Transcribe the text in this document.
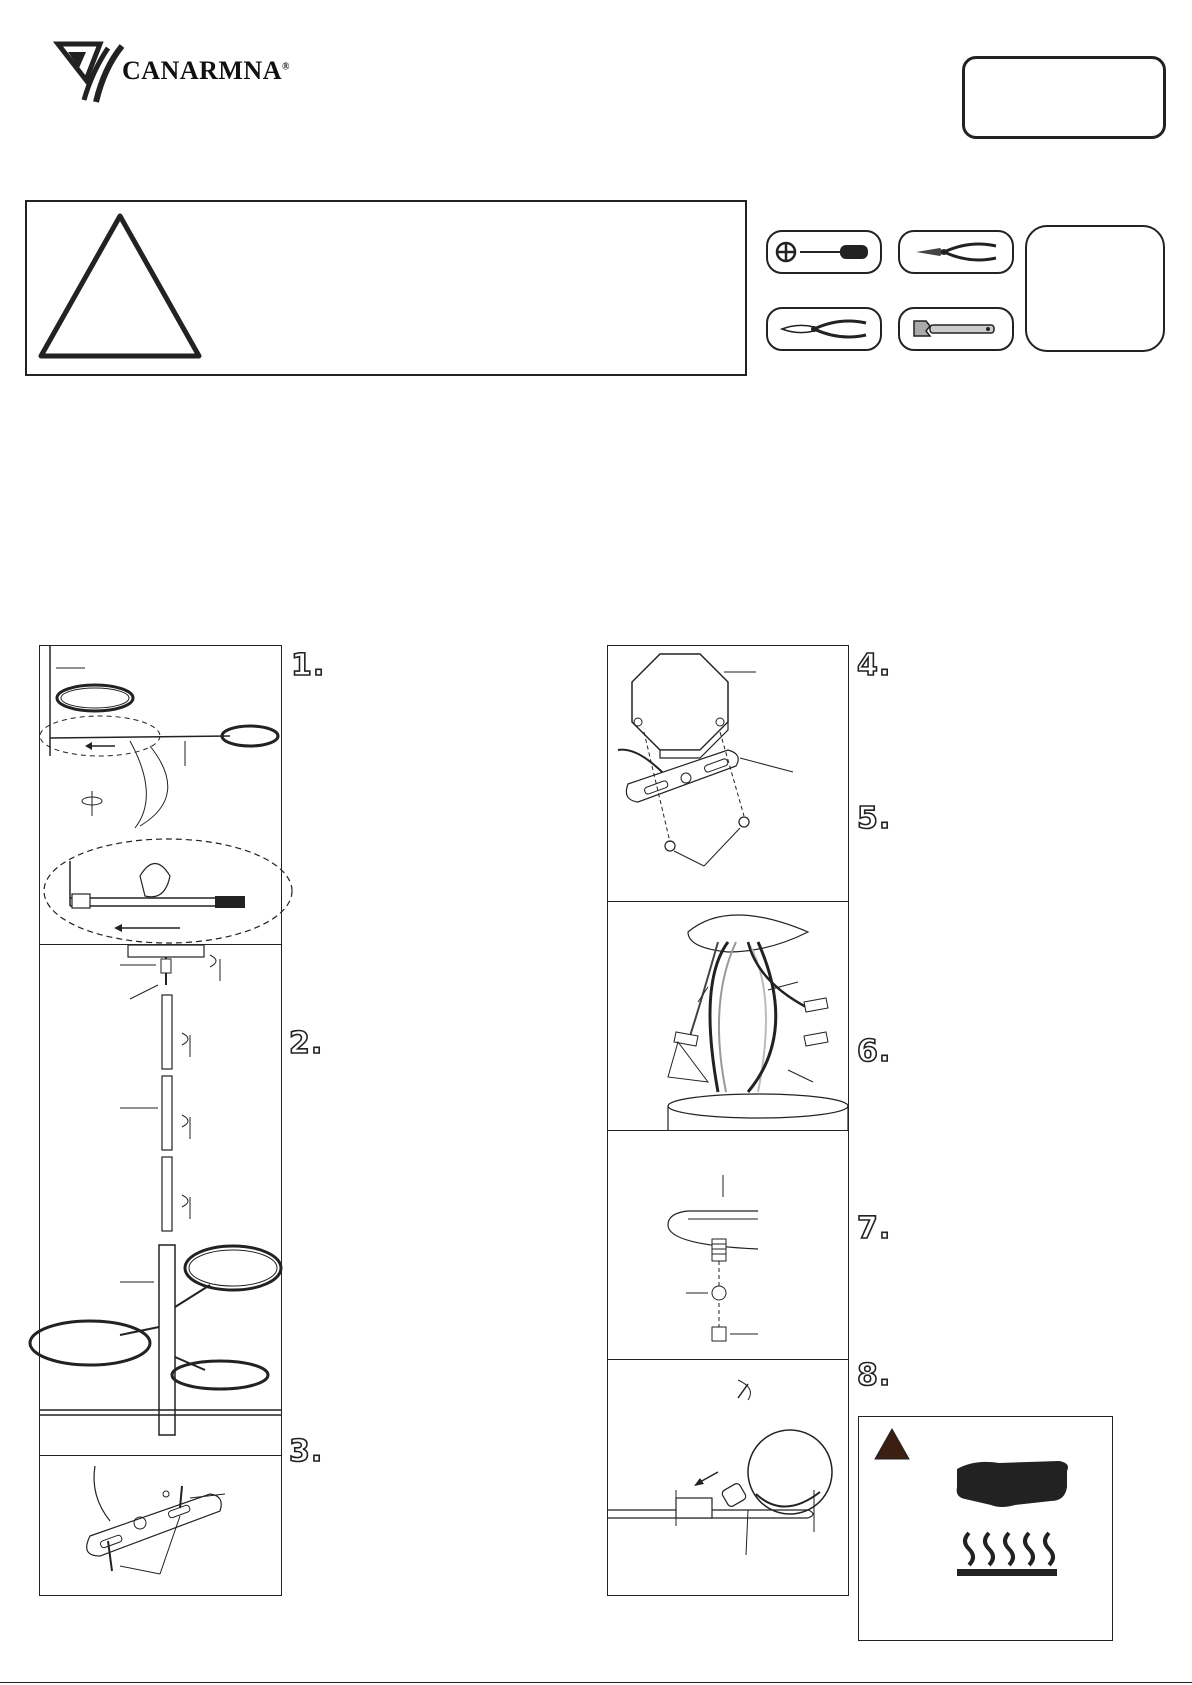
CANARMNA®
1.
2.
3.
4.
5.
6.
7.
8.
